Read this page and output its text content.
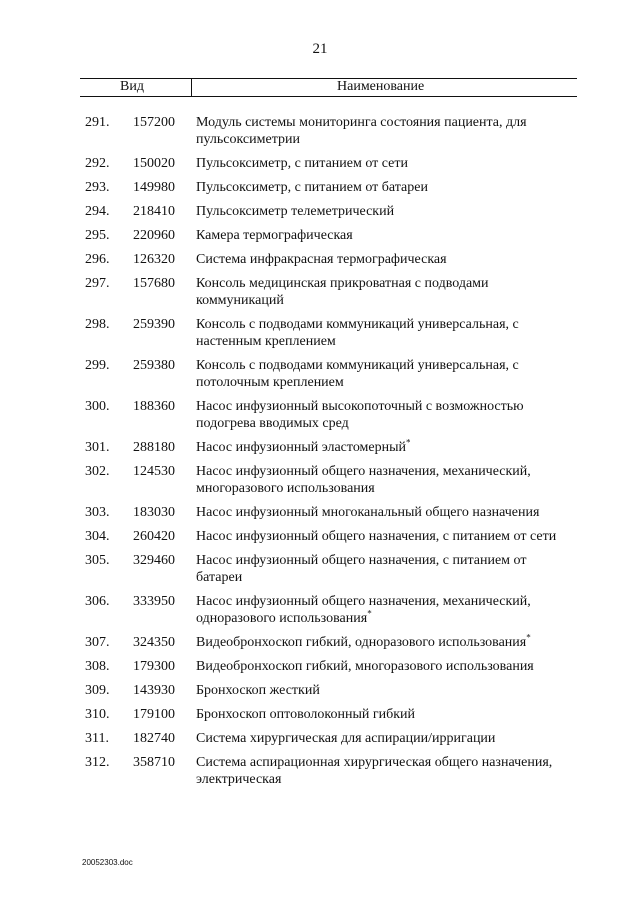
21
Вид	Наименование
291.	157200	Модуль системы мониторинга состояния пациента, для пульсоксиметрии
292.	150020	Пульсоксиметр, с питанием от сети
293.	149980	Пульсоксиметр, с питанием от батареи
294.	218410	Пульсоксиметр телеметрический
295.	220960	Камера термографическая
296.	126320	Система инфракрасная термографическая
297.	157680	Консоль медицинская прикроватная с подводами коммуникаций
298.	259390	Консоль с подводами коммуникаций универсальная, с настенным креплением
299.	259380	Консоль с подводами коммуникаций универсальная, с потолочным креплением
300.	188360	Насос инфузионный высокопоточный с возможностью подогрева вводимых сред
301.	288180	Насос инфузионный эластомерный*
302.	124530	Насос инфузионный общего назначения, механический, многоразового использования
303.	183030	Насос инфузионный многоканальный общего назначения
304.	260420	Насос инфузионный общего назначения, с питанием от сети
305.	329460	Насос инфузионный общего назначения, с питанием от батареи
306.	333950	Насос инфузионный общего назначения, механический, одноразового использования*
307.	324350	Видеобронхоскоп гибкий, одноразового использования*
308.	179300	Видеобронхоскоп гибкий, многоразового использования
309.	143930	Бронхоскоп жесткий
310.	179100	Бронхоскоп оптоволоконный гибкий
311.	182740	Система хирургическая для аспирации/ирригации
312.	358710	Система аспирационная хирургическая общего назначения, электрическая
20052303.doc
